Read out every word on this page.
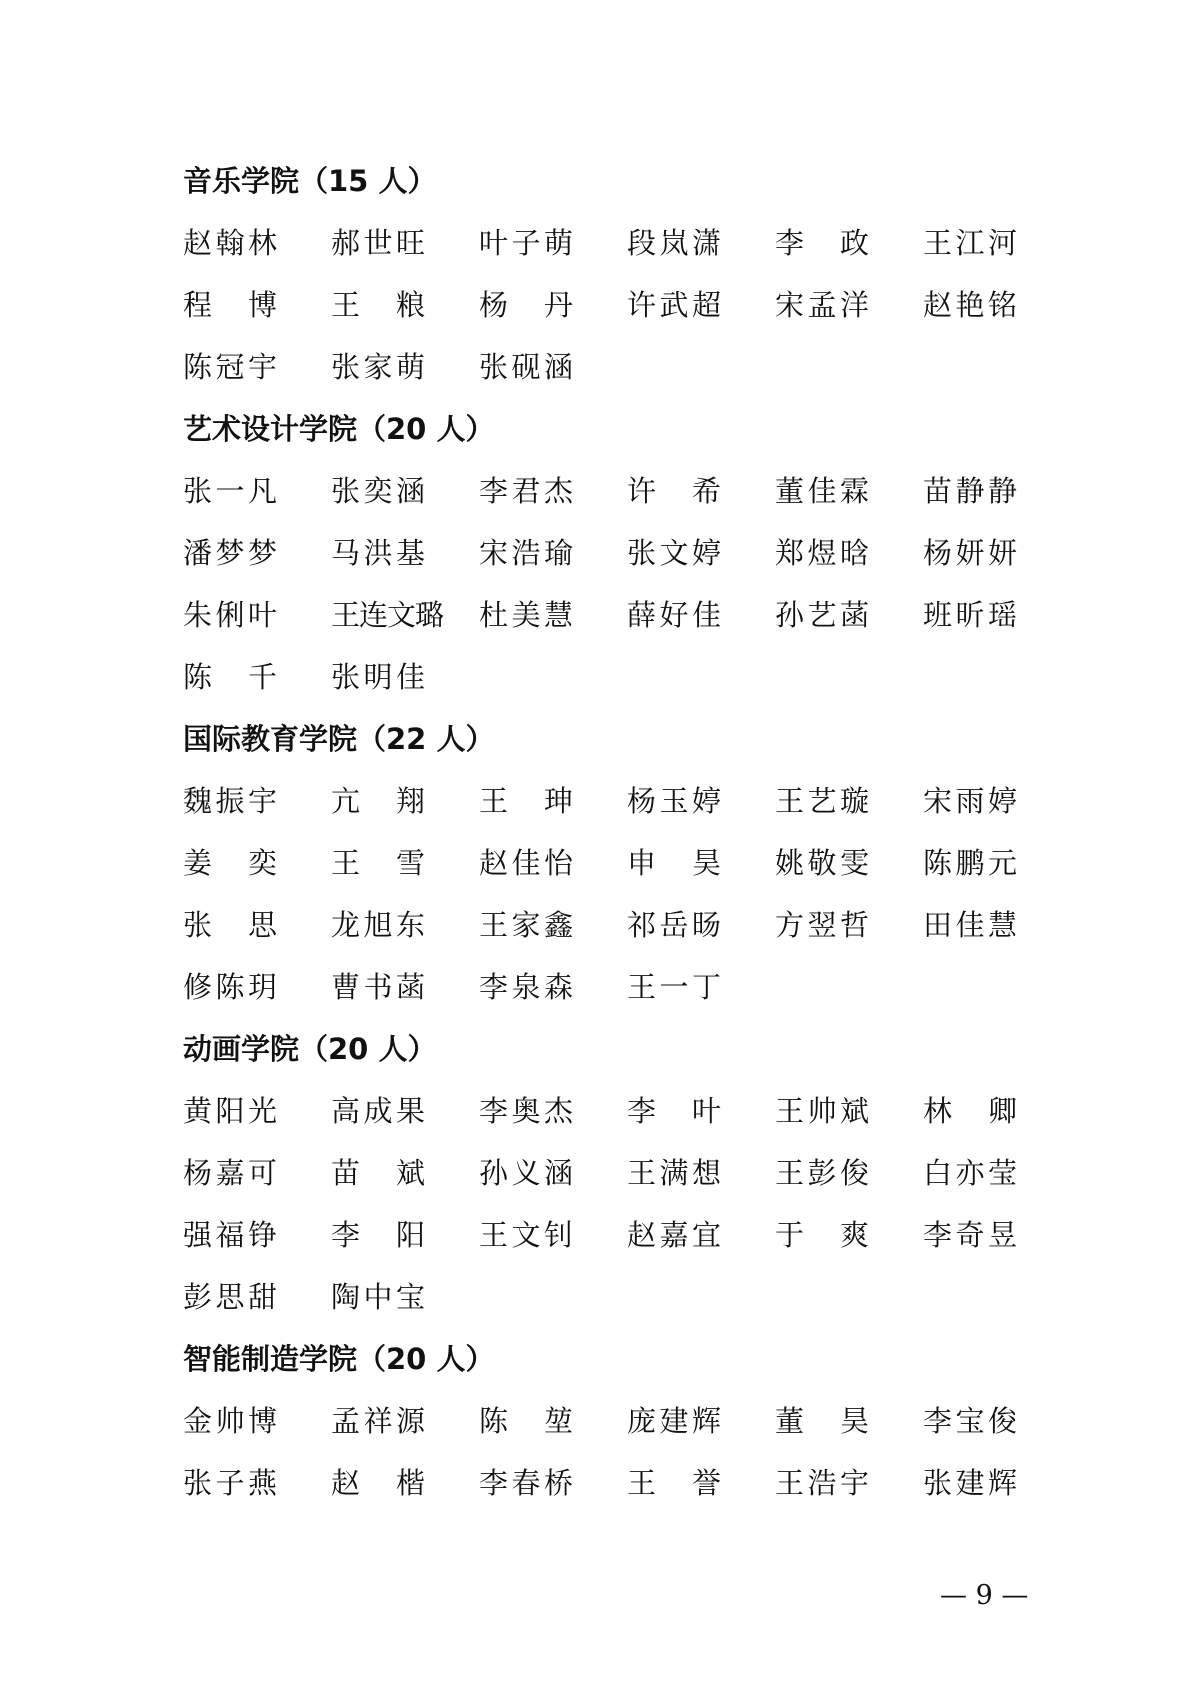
音乐学院（15 人）
赵翰林	郝世旺	叶子萌	段岚潇	李　政	王江河
程　博	王　粮	杨　丹	许武超	宋孟洋	赵艳铭
陈冠宇	张家萌	张砚涵
艺术设计学院（20 人）
张一凡	张奕涵	李君杰	许　希	董佳霖	苗静静
潘梦梦	马洪基	宋浩瑜	张文婷	郑煜晗	杨妍妍
朱俐叶	王连文璐	杜美慧	薛好佳	孙艺菡	班昕瑶
陈　千	张明佳
国际教育学院（22 人）
魏振宇	亢　翔	王　珅	杨玉婷	王艺璇	宋雨婷
姜　奕	王　雪	赵佳怡	申　昊	姚敬雯	陈鹏元
张　思	龙旭东	王家鑫	祁岳旸	方翌哲	田佳慧
修陈玥	曹书菡	李泉森	王一丁
动画学院（20 人）
黄阳光	高成果	李奥杰	李　叶	王帅斌	林　卿
杨嘉可	苗　斌	孙义涵	王满想	王彭俊	白亦莹
强福铮	李　阳	王文钊	赵嘉宜	于　爽	李奇昱
彭思甜	陶中宝
智能制造学院（20 人）
金帅博	孟祥源	陈　堃	庞建辉	董　昊	李宝俊
张子燕	赵　楷	李春桥	王　誉	王浩宇	张建辉
— 9 —
